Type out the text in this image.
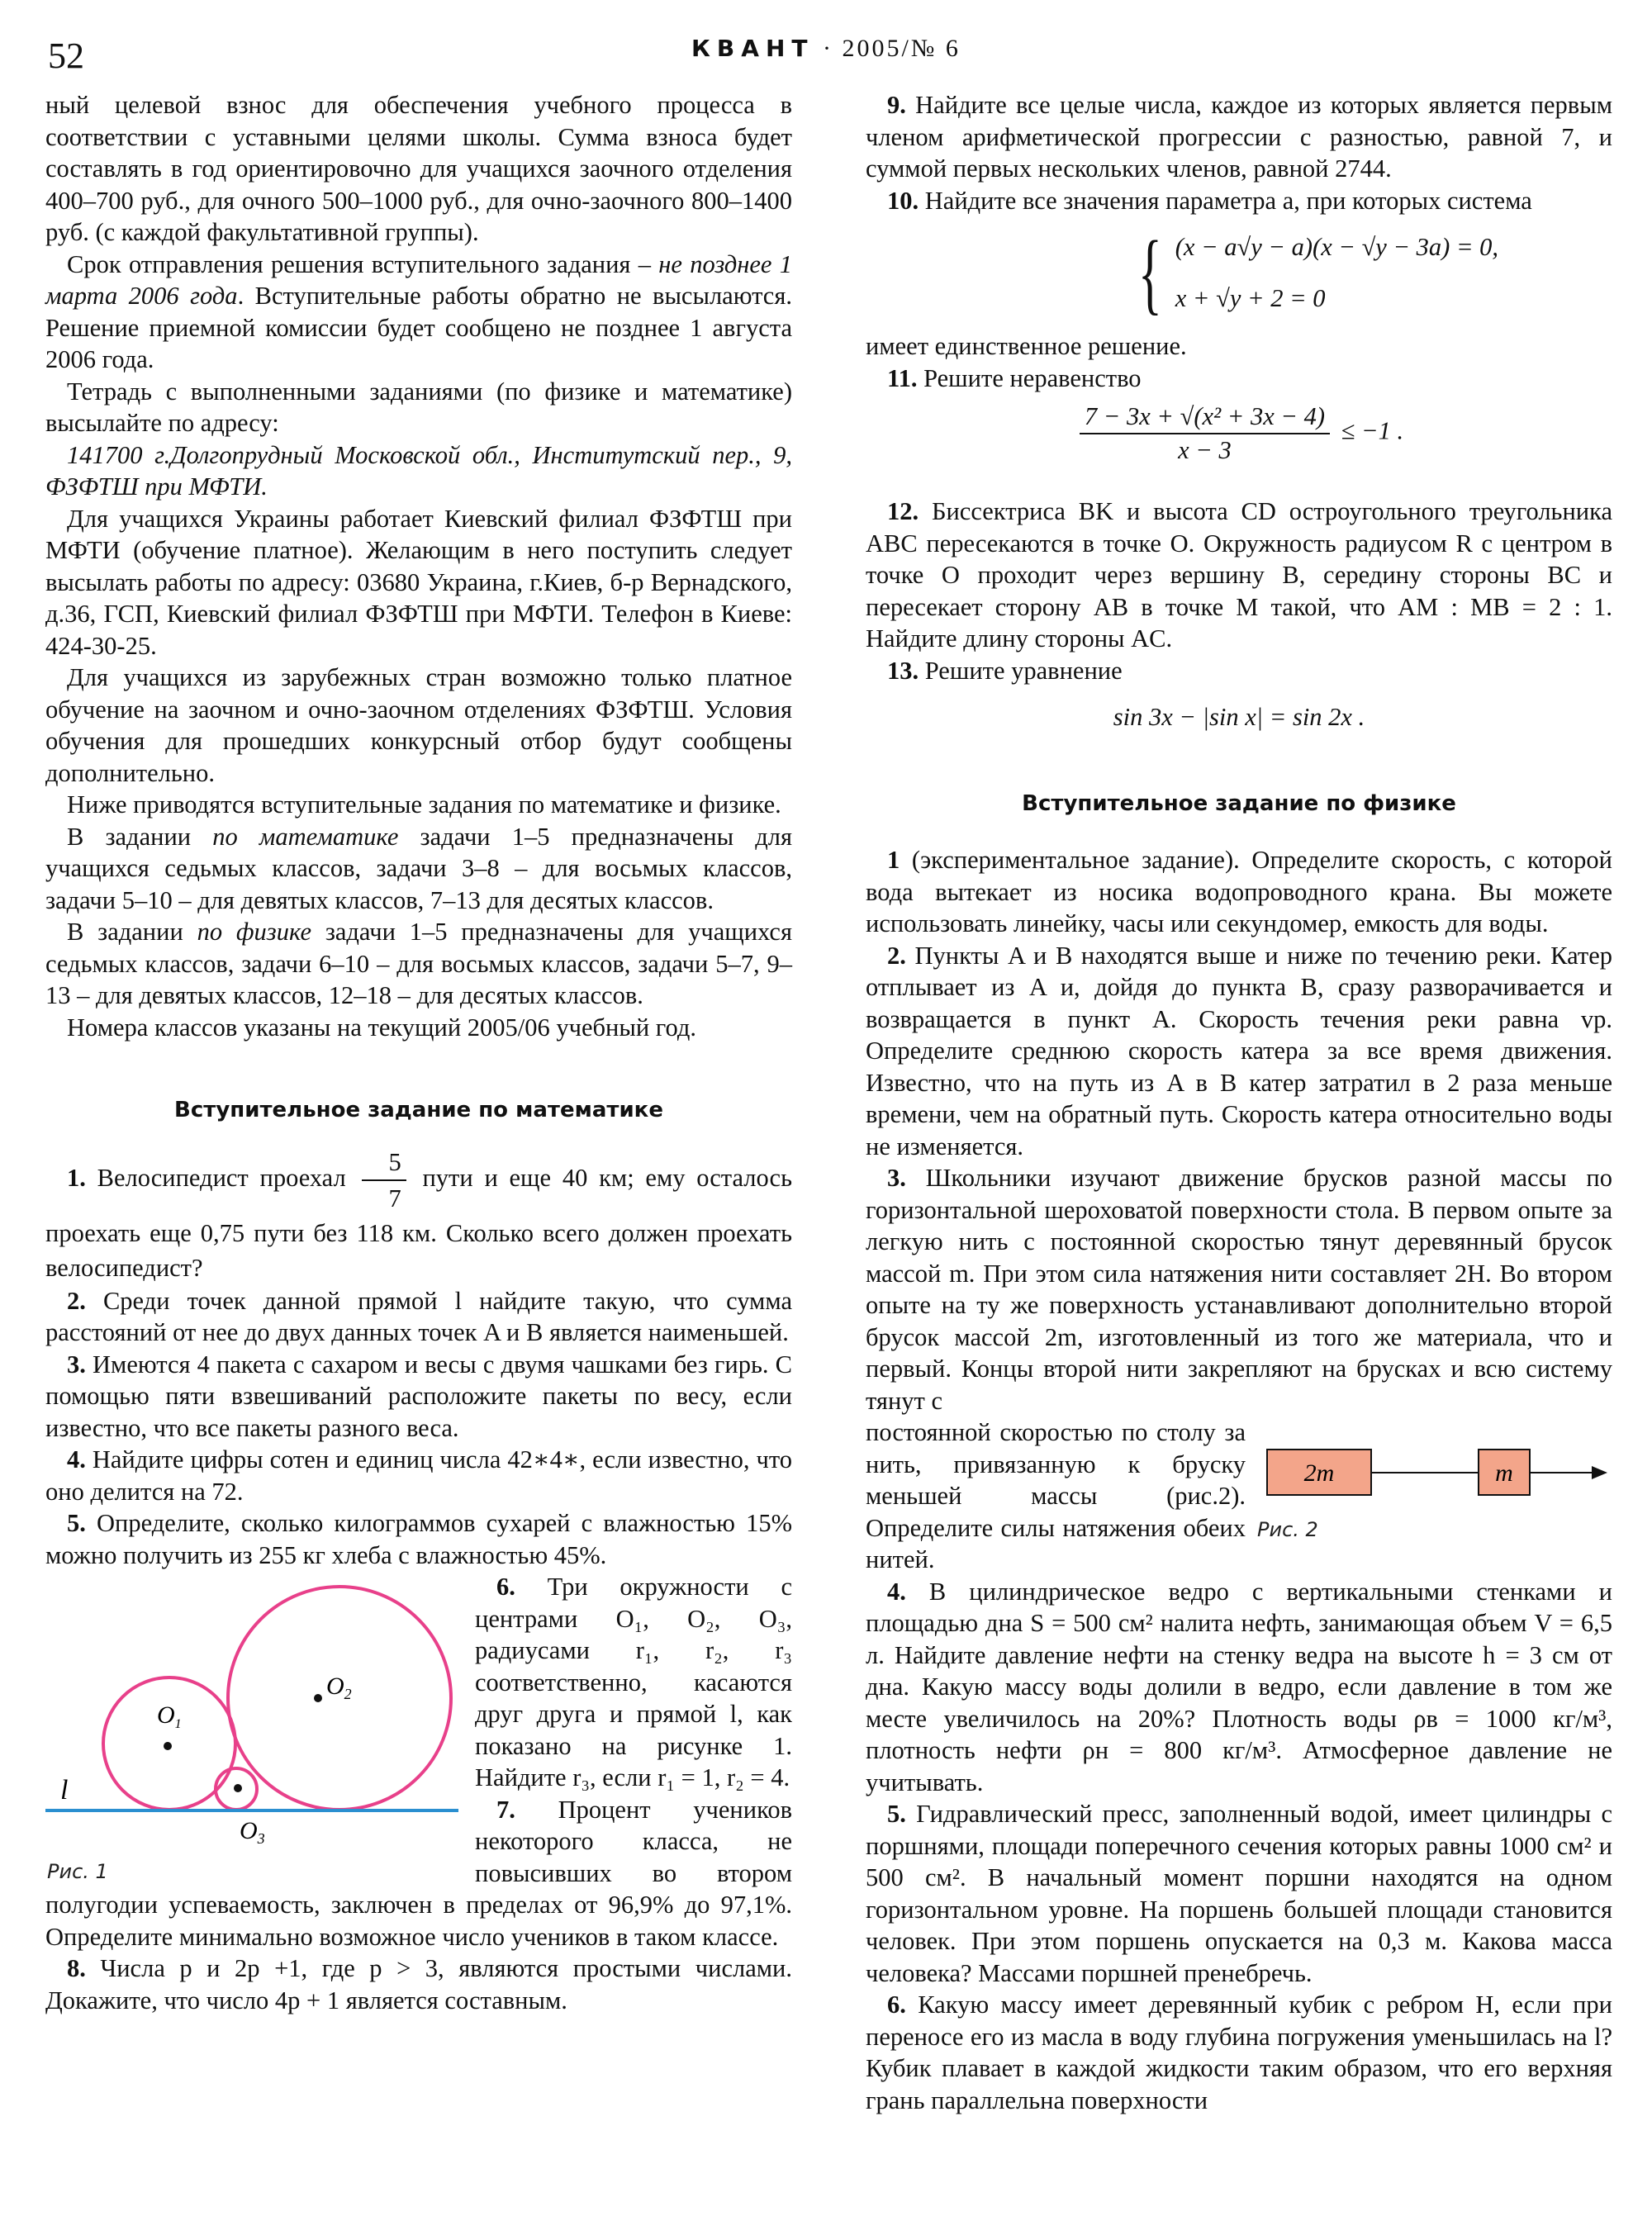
52	КВАНТ · 2005/№ 6

ный целевой взнос для обеспечения учебного процесса в соответствии с уставными целями школы. Сумма взноса будет составлять в год ориентировочно для учащихся заочного отделения 400–700 руб., для очного 500–1000 руб., для очно-заочного 800–1400 руб. (с каждой факультативной группы).

Срок отправления решения вступительного задания – не позднее 1 марта 2006 года. Вступительные работы обратно не высылаются. Решение приемной комиссии будет сообщено не позднее 1 августа 2006 года.

Тетрадь с выполненными заданиями (по физике и математике) высылайте по адресу:

141700 г.Долгопрудный Московской обл., Институтский пер., 9, ФЗФТШ при МФТИ.

Для учащихся Украины работает Киевский филиал ФЗФТШ при МФТИ (обучение платное). Желающим в него поступить следует высылать работы по адресу: 03680 Украина, г.Киев, б-р Вернадского, д.36, ГСП, Киевский филиал ФЗФТШ при МФТИ. Телефон в Киеве: 424-30-25.

Для учащихся из зарубежных стран возможно только платное обучение на заочном и очно-заочном отделениях ФЗФТШ. Условия обучения для прошедших конкурсный отбор будут сообщены дополнительно.

Ниже приводятся вступительные задания по математике и физике.

В задании по математике задачи 1–5 предназначены для учащихся седьмых классов, задачи 3–8 – для восьмых классов, задачи 5–10 – для девятых классов, 7–13 для десятых классов.

В задании по физике задачи 1–5 предназначены для учащихся седьмых классов, задачи 6–10 – для восьмых классов, задачи 5–7, 9–13 – для девятых классов, 12–18 – для десятых классов.

Номера классов указаны на текущий 2005/06 учебный год.

Вступительное задание по математике

1. Велосипедист проехал $\frac{5}{7}$ пути и еще 40 км; ему осталось проехать еще 0,75 пути без 118 км. Сколько всего должен проехать велосипедист?

2. Среди точек данной прямой l найдите такую, что сумма расстояний от нее до двух данных точек A и B является наименьшей.

3. Имеются 4 пакета с сахаром и весы с двумя чашками без гирь. С помощью пяти взвешиваний расположите пакеты по весу, если известно, что все пакеты разного веса.

4. Найдите цифры сотен и единиц числа 42∗4∗, если известно, что оно делится на 72.

5. Определите, сколько килограммов сухарей с влажностью 15% можно получить из 255 кг хлеба с влажностью 45%.

$O_1$
$O_2$
$O_3$
l
Рис. 1

6. Три окружности с центрами O₁, O₂, O₃, радиусами r₁, r₂, r₃ соответственно, касаются друг друга и прямой l, как показано на рисунке 1. Найдите r₃, если r₁ = 1, r₂ = 4.

7. Процент учеников некоторого класса, не повысивших во втором полугодии успеваемость, заключен в пределах от 96,9% до 97,1%. Определите минимально возможное число учеников в таком классе.

8. Числа p и 2p +1, где p > 3, являются простыми числами. Докажите, что число 4p + 1 является составным.

9. Найдите все целые числа, каждое из которых является первым членом арифметической прогрессии с разностью, равной 7, и суммой первых нескольких членов, равной 2744.

10. Найдите все значения параметра a, при которых система

{ (x − a√y − a)(x − √y − 3a) = 0,
x + √y + 2 = 0

имеет единственное решение.

11. Решите неравенство

$\frac{\text{7 − 3x + √(x² + 3x − 4)}}{x - 3} \le -1$ .

12. Биссектриса BK и высота CD остроугольного треугольника ABC пересекаются в точке O. Окружность радиусом R с центром в точке O проходит через вершину B, середину стороны BC и пересекает сторону AB в точке M такой, что AM : MB = 2 : 1. Найдите длину стороны AC.

13. Решите уравнение

sin 3x − |sin x| = sin 2x .
Вступительное задание по физике

1 (экспериментальное задание). Определите скорость, с которой вода вытекает из носика водопроводного крана. Вы можете использовать линейку, часы или секундомер, емкость для воды.

2. Пункты A и B находятся выше и ниже по течению реки. Катер отплывает из A и, дойдя до пункта B, сразу разворачивается и возвращается в пункт A. Скорость течения реки равна vр. Определите среднюю скорость катера за все время движения. Известно, что на путь из A в B катер затратил в 2 раза меньше времени, чем на обратный путь. Скорость катера относительно воды не изменяется.

3. Школьники изучают движение брусков разной массы по горизонтальной шероховатой поверхности стола. В первом опыте за легкую нить с постоянной скоростью тянут деревянный брусок массой m. При этом сила натяжения нити составляет 2Н. Во втором опыте на ту же поверхность устанавливают дополнительно второй брусок массой 2m, изготовленный из того же материала, что и первый. Концы второй нити закрепляют на брусках и всю систему тянут с

2m	m
Рис. 2

постоянной скоростью по столу за нить, привязанную к бруску меньшей массы (рис.2). Определите силы натяжения обеих нитей.

4. В цилиндрическое ведро с вертикальными стенками и площадью дна S = 500 см² налита нефть, занимающая объем V = 6,5 л. Найдите давление нефти на стенку ведра на высоте h = 3 см от дна. Какую массу воды долили в ведро, если давление в том же месте увеличилось на 20%? Плотность воды ρв = 1000 кг/м³, плотность нефти ρн = 800 кг/м³. Атмосферное давление не учитывать.

5. Гидравлический пресс, заполненный водой, имеет цилиндры с поршнями, площади поперечного сечения которых равны 1000 см² и 500 см². В начальный момент поршни находятся на одном горизонтальном уровне. На поршень большей площади становится человек. При этом поршень опускается на 0,3 м. Какова масса человека? Массами поршней пренебречь.

6. Какую массу имеет деревянный кубик с ребром H, если при переносе его из масла в воду глубина погружения уменьшилась на l? Кубик плавает в каждой жидкости таким образом, что его верхняя грань параллельна поверхности
